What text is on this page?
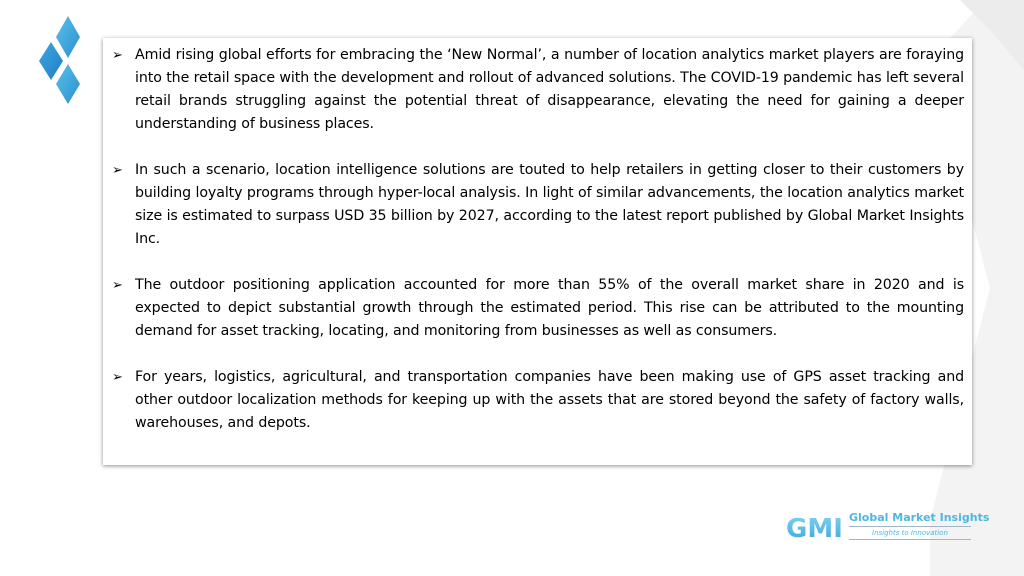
➢ Amid rising global efforts for embracing the ‘New Normal’, a number of location analytics market players are foraying into the retail space with the development and rollout of advanced solutions. The COVID-19 pandemic has left several retail brands struggling against the potential threat of disappearance, elevating the need for gaining a deeper understanding of business places.
➢ In such a scenario, location intelligence solutions are touted to help retailers in getting closer to their customers by building loyalty programs through hyper-local analysis. In light of similar advancements, the location analytics market size is estimated to surpass USD 35 billion by 2027, according to the latest report published by Global Market Insights Inc.
➢ The outdoor positioning application accounted for more than 55% of the overall market share in 2020 and is expected to depict substantial growth through the estimated period. This rise can be attributed to the mounting demand for asset tracking, locating, and monitoring from businesses as well as consumers.
➢ For years, logistics, agricultural, and transportation companies have been making use of GPS asset tracking and other outdoor localization methods for keeping up with the assets that are stored beyond the safety of factory walls, warehouses, and depots.
GMI Global Market Insights
Insights to Innovation
